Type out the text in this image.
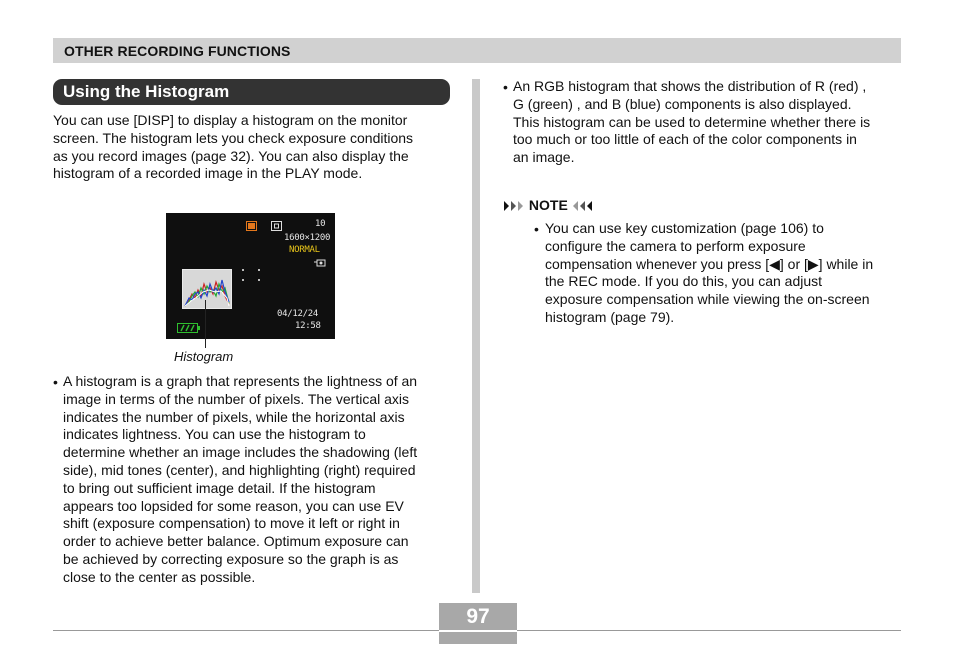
OTHER RECORDING FUNCTIONS
Using the Histogram
You can use [DISP] to display a histogram on the monitor
screen. The histogram lets you check exposure conditions
as you record images (page 32). You can also display the
histogram of a recorded image in the PLAY mode.
10
1600×1200
NORMAL
04/12/24
12:58
Histogram
• A histogram is a graph that represents the lightness of an
image in terms of the number of pixels. The vertical axis
indicates the number of pixels, while the horizontal axis
indicates lightness. You can use the histogram to
determine whether an image includes the shadowing (left
side), mid tones (center), and highlighting (right) required
to bring out sufficient image detail. If the histogram
appears too lopsided for some reason, you can use EV
shift (exposure compensation) to move it left or right in
order to achieve better balance. Optimum exposure can
be achieved by correcting exposure so the graph is as
close to the center as possible.
• An RGB histogram that shows the distribution of R (red) ,
G (green) , and B (blue) components is also displayed.
This histogram can be used to determine whether there is
too much or too little of each of the color components in
an image.
NOTE
• You can use key customization (page 106) to
configure the camera to perform exposure
compensation whenever you press [◀] or [▶] while in
the REC mode. If you do this, you can adjust
exposure compensation while viewing the on-screen
histogram (page 79).
97
